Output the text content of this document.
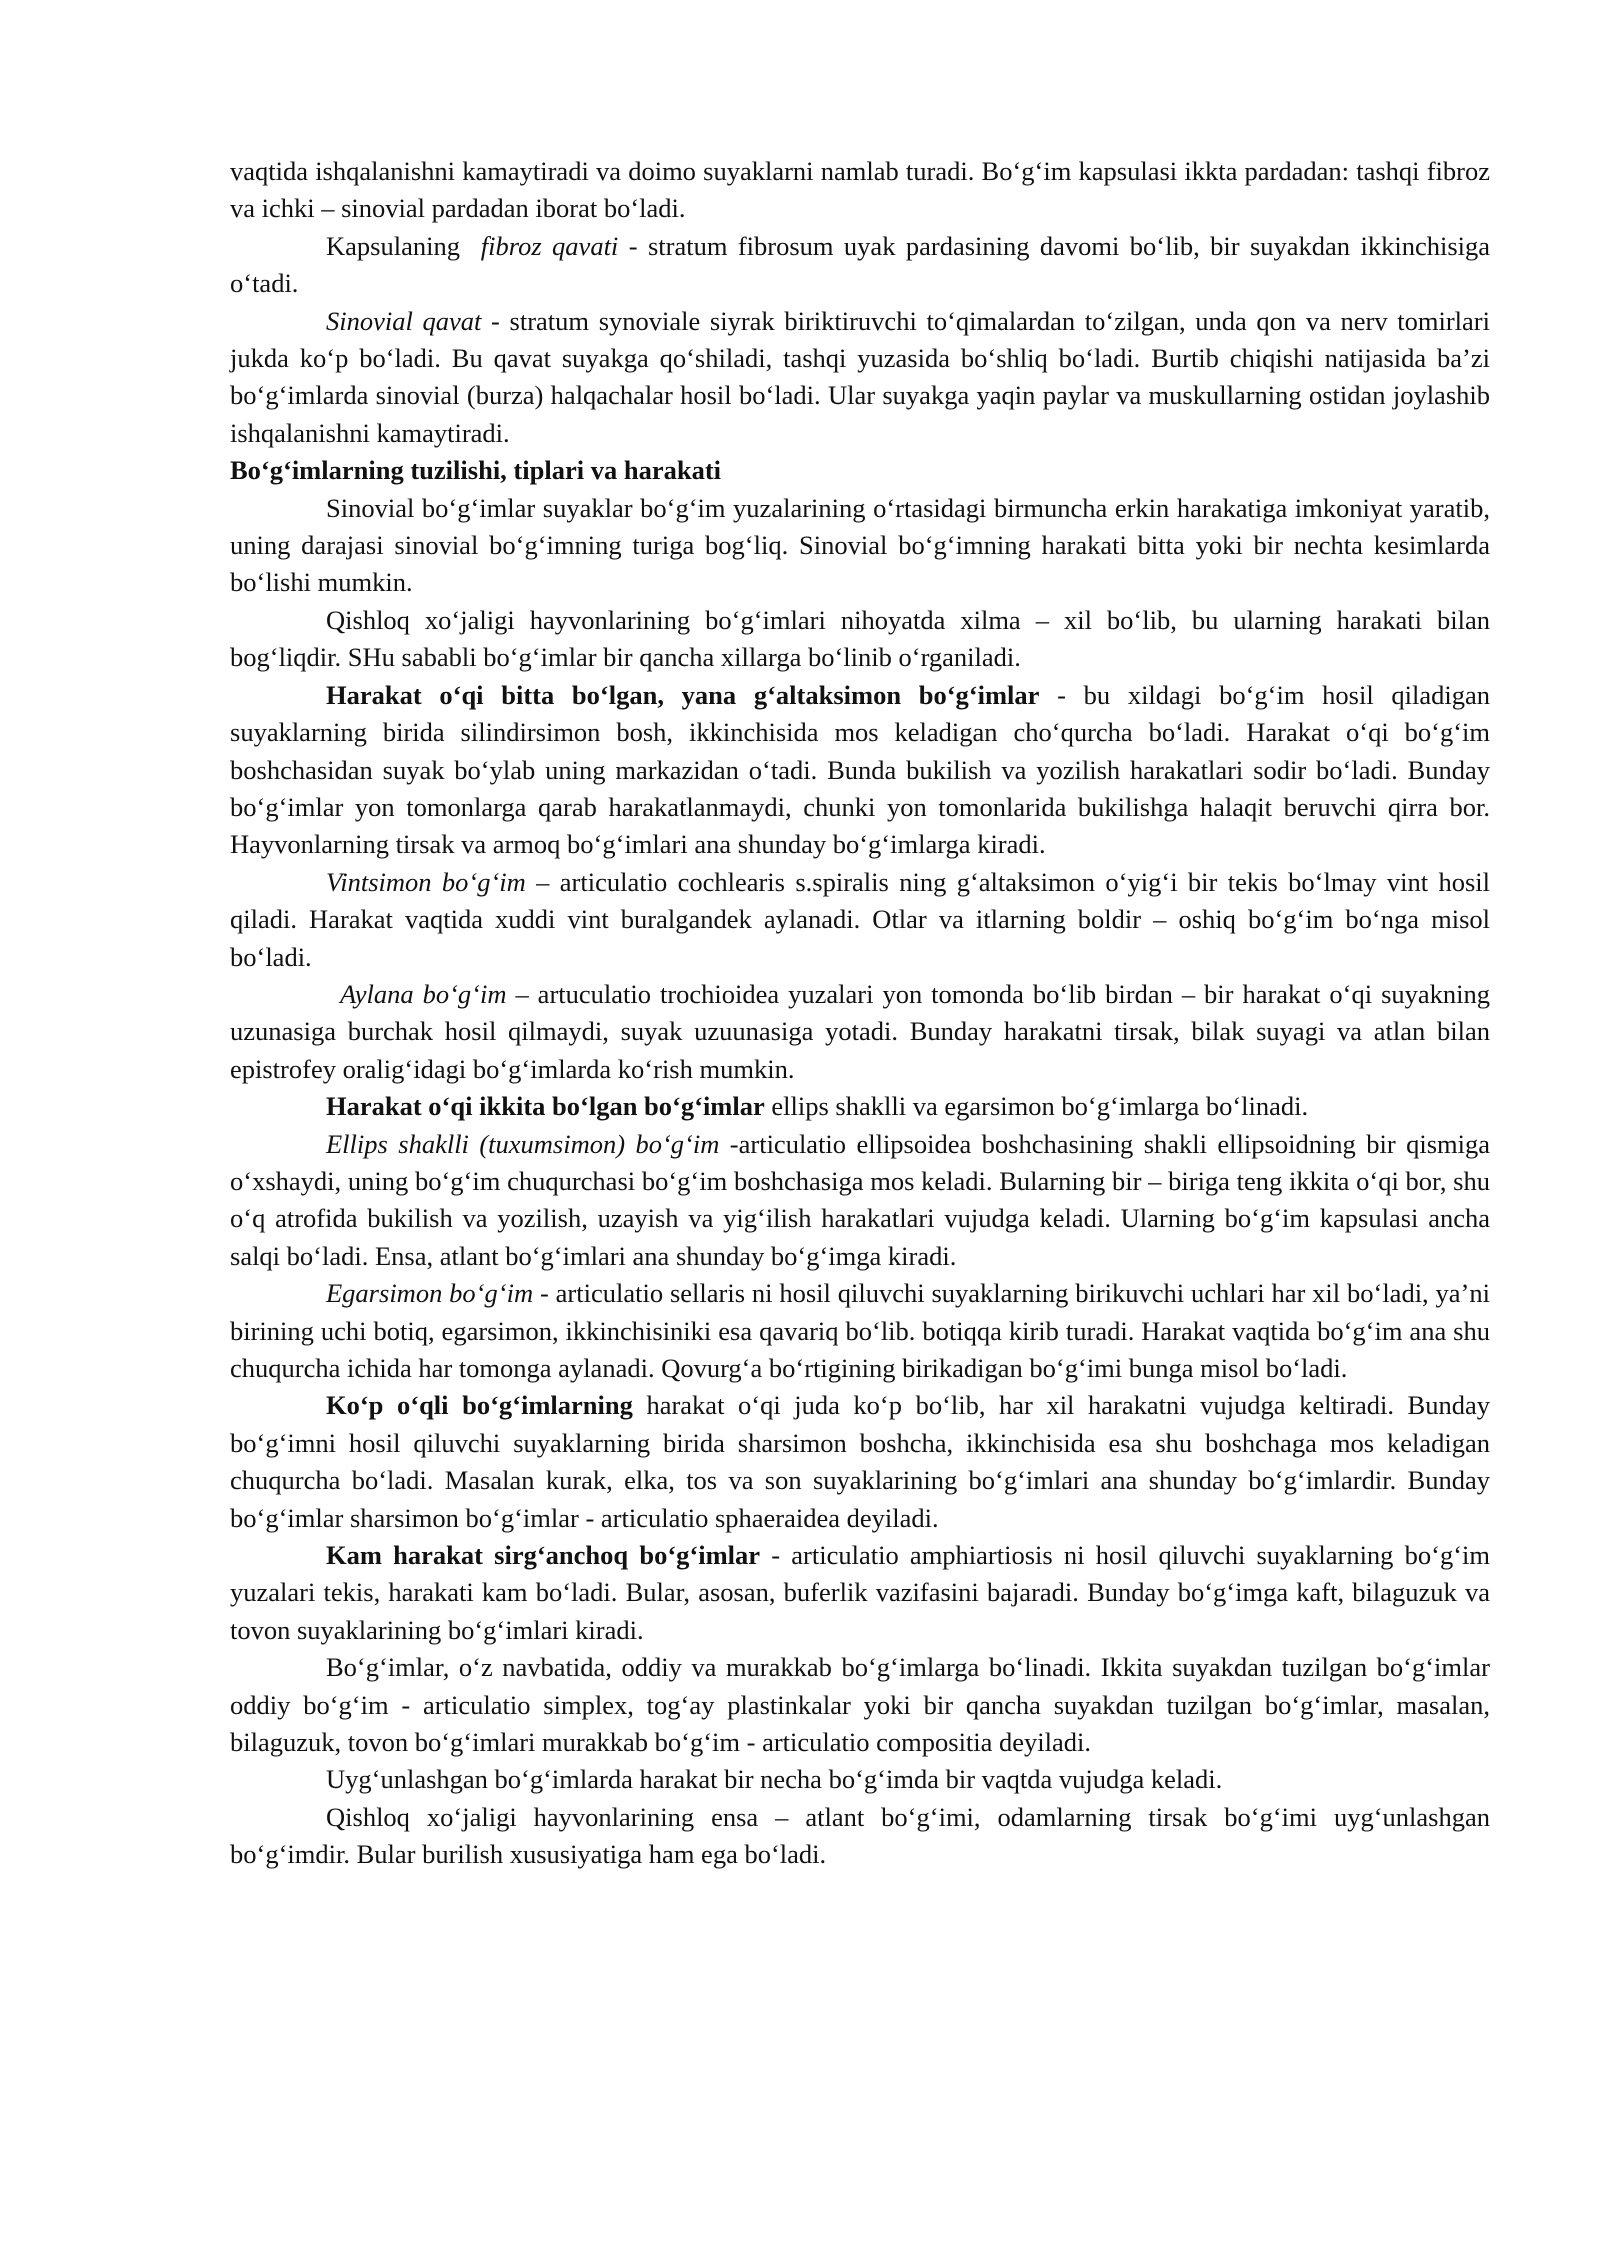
vaqtida ishqalanishni kamaytiradi va doimo suyaklarni namlab turadi. Bo‘g‘im kapsulasi ikkta pardadan: tashqi fibroz va ichki – sinovial pardadan iborat bo‘ladi.

Kapsulaning fibroz qavati - stratum fibrosum uyak pardasining davomi bo‘lib, bir suyakdan ikkinchisiga o‘tadi.

Sinovial qavat - stratum synoviale siyrak biriktiruvchi to‘qimalardan to‘zilgan, unda qon va nerv tomirlari jukda ko‘p bo‘ladi. Bu qavat suyakga qo‘shiladi, tashqi yuzasida bo‘shliq bo‘ladi. Burtib chiqishi natijasida ba’zi bo‘g‘imlarda sinovial (burza) halqachalar hosil bo‘ladi. Ular suyakga yaqin paylar va muskullarning ostidan joylashib ishqalanishni kamaytiradi.

Bo‘g‘imlarning tuzilishi, tiplari va harakati

Sinovial bo‘g‘imlar suyaklar bo‘g‘im yuzalarining o‘rtasidagi birmuncha erkin harakatiga imkoniyat yaratib, uning darajasi sinovial bo‘g‘imning turiga bog‘liq. Sinovial bo‘g‘imning harakati bitta yoki bir nechta kesimlarda bo‘lishi mumkin.

Qishloq xo‘jaligi hayvonlarining bo‘g‘imlari nihoyatda xilma – xil bo‘lib, bu ularning harakati bilan bog‘liqdir. SHu sababli bo‘g‘imlar bir qancha xillarga bo‘linib o‘rganiladi.

Harakat o‘qi bitta bo‘lgan, yana g‘altaksimon bo‘g‘imlar - bu xildagi bo‘g‘im hosil qiladigan suyaklarning birida silindirsimon bosh, ikkinchisida mos keladigan cho‘qurcha bo‘ladi. Harakat o‘qi bo‘g‘im boshchasidan suyak bo‘ylab uning markazidan o‘tadi. Bunda bukilish va yozilish harakatlari sodir bo‘ladi. Bunday bo‘g‘imlar yon tomonlarga qarab harakatlanmaydi, chunki yon tomonlarida bukilishga halaqit beruvchi qirra bor. Hayvonlarning tirsak va armoq bo‘g‘imlari ana shunday bo‘g‘imlarga kiradi.

Vintsimon bo‘g‘im – articulatio cochlearis s.spiralis ning g‘altaksimon o‘yig‘i bir tekis bo‘lmay vint hosil qiladi. Harakat vaqtida xuddi vint buralgandek aylanadi. Otlar va itlarning boldir – oshiq bo‘g‘im bo‘nga misol bo‘ladi.

Aylana bo‘g‘im – artuculatio trochioidea yuzalari yon tomonda bo‘lib birdan – bir harakat o‘qi suyakning uzunasiga burchak hosil qilmaydi, suyak uzuunasiga yotadi. Bunday harakatni tirsak, bilak suyagi va atlan bilan epistrofey oralig‘idagi bo‘g‘imlarda ko‘rish mumkin.

Harakat o‘qi ikkita bo‘lgan bo‘g‘imlar ellips shaklli va egarsimon bo‘g‘imlarga bo‘linadi.

Ellips shaklli (tuxumsimon) bo‘g‘im -articulatio ellipsoidea boshchasining shakli ellipsoidning bir qismiga o‘xshaydi, uning bo‘g‘im chuqurchasi bo‘g‘im boshchasiga mos keladi. Bularning bir – biriga teng ikkita o‘qi bor, shu o‘q atrofida bukilish va yozilish, uzayish va yig‘ilish harakatlari vujudga keladi. Ularning bo‘g‘im kapsulasi ancha salqi bo‘ladi. Ensa, atlant bo‘g‘imlari ana shunday bo‘g‘imga kiradi.

Egarsimon bo‘g‘im - articulatio sellaris ni hosil qiluvchi suyaklarning birikuvchi uchlari har xil bo‘ladi, ya’ni birining uchi botiq, egarsimon, ikkinchisiniki esa qavariq bo‘lib. botiqqa kirib turadi. Harakat vaqtida bo‘g‘im ana shu chuqurcha ichida har tomonga aylanadi. Qovurg‘a bo‘rtigining birikadigan bo‘g‘imi bunga misol bo‘ladi.

Ko‘p o‘qli bo‘g‘imlarning harakat o‘qi juda ko‘p bo‘lib, har xil harakatni vujudga keltiradi. Bunday bo‘g‘imni hosil qiluvchi suyaklarning birida sharsimon boshcha, ikkinchisida esa shu boshchaga mos keladigan chuqurcha bo‘ladi. Masalan kurak, elka, tos va son suyaklarining bo‘g‘imlari ana shunday bo‘g‘imlardir. Bunday bo‘g‘imlar sharsimon bo‘g‘imlar - articulatio sphaeraidea deyiladi.

Kam harakat sirg‘anchoq bo‘g‘imlar - articulatio amphiartiosis ni hosil qiluvchi suyaklarning bo‘g‘im yuzalari tekis, harakati kam bo‘ladi. Bular, asosan, buferlik vazifasini bajaradi. Bunday bo‘g‘imga kaft, bilaguzuk va tovon suyaklarining bo‘g‘imlari kiradi.

Bo‘g‘imlar, o‘z navbatida, oddiy va murakkab bo‘g‘imlarga bo‘linadi. Ikkita suyakdan tuzilgan bo‘g‘imlar oddiy bo‘g‘im - articulatio simplex, tog‘ay plastinkalar yoki bir qancha suyakdan tuzilgan bo‘g‘imlar, masalan, bilaguzuk, tovon bo‘g‘imlari murakkab bo‘g‘im - articulatio compositia deyiladi.

Uyg‘unlashgan bo‘g‘imlarda harakat bir necha bo‘g‘imda bir vaqtda vujudga keladi.

Qishloq xo‘jaligi hayvonlarining ensa – atlant bo‘g‘imi, odamlarning tirsak bo‘g‘imi uyg‘unlashgan bo‘g‘imdir. Bular burilish xususiyatiga ham ega bo‘ladi.
